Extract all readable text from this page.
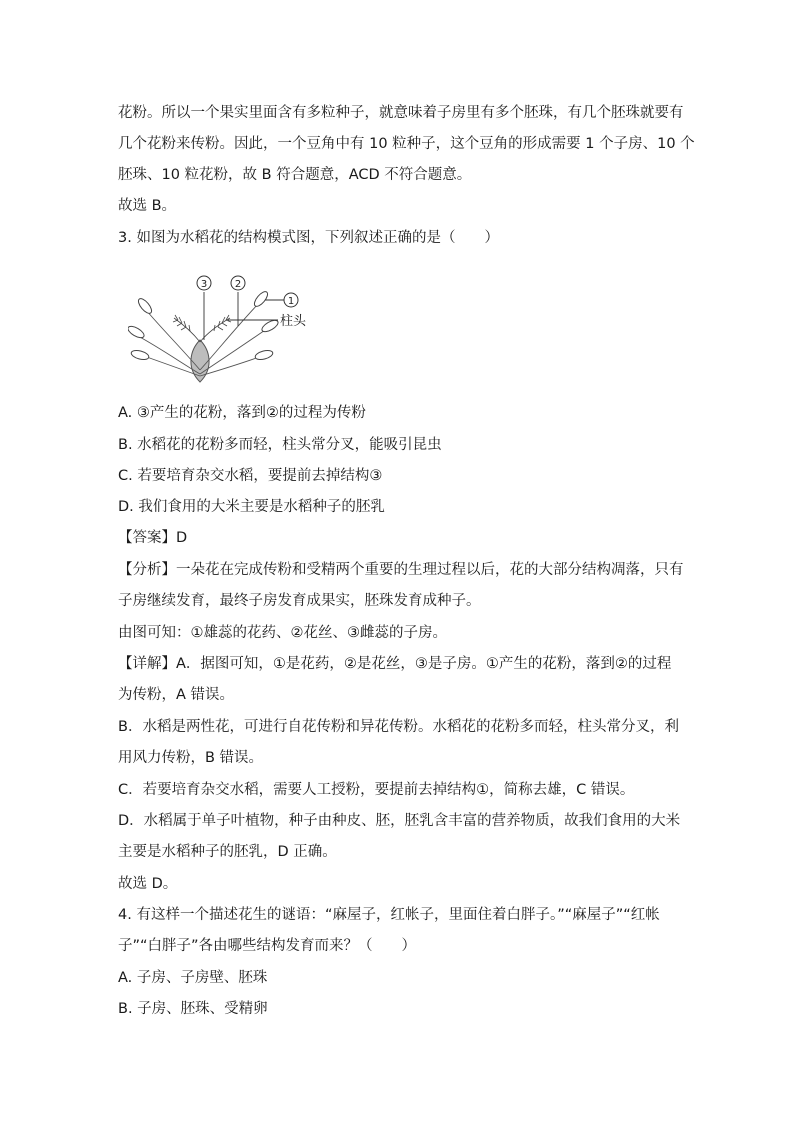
花粉。所以一个果实里面含有多粒种子，就意味着子房里有多个胚珠，有几个胚珠就要有
几个花粉来传粉。因此，一个豆角中有 10 粒种子，这个豆角的形成需要 1 个子房、10 个
胚珠、10 粒花粉，故 B 符合题意，ACD 不符合题意。
故选 B。
3. 如图为水稻花的结构模式图，下列叙述正确的是（　　）
3	2
1
柱头
A. ③产生的花粉，落到②的过程为传粉
B. 水稻花的花粉多而轻，柱头常分叉，能吸引昆虫
C. 若要培育杂交水稻，要提前去掉结构③
D. 我们食用的大米主要是水稻种子的胚乳
【答案】D
【分析】一朵花在完成传粉和受精两个重要的生理过程以后，花的大部分结构凋落，只有
子房继续发育，最终子房发育成果实，胚珠发育成种子。
由图可知：①雄蕊的花药、②花丝、③雌蕊的子房。
【详解】A．据图可知，①是花药，②是花丝，③是子房。①产生的花粉，落到②的过程
为传粉，A 错误。
B．水稻是两性花，可进行自花传粉和异花传粉。水稻花的花粉多而轻，柱头常分叉，利
用风力传粉，B 错误。
C．若要培育杂交水稻，需要人工授粉，要提前去掉结构①，简称去雄，C 错误。
D．水稻属于单子叶植物，种子由种皮、胚，胚乳含丰富的营养物质，故我们食用的大米
主要是水稻种子的胚乳，D 正确。
故选 D。
4. 有这样一个描述花生的谜语：“麻屋子，红帐子，里面住着白胖子。”“麻屋子”“红帐
子”“白胖子”各由哪些结构发育而来？（　　）
A. 子房、子房壁、胚珠
B. 子房、胚珠、受精卵
